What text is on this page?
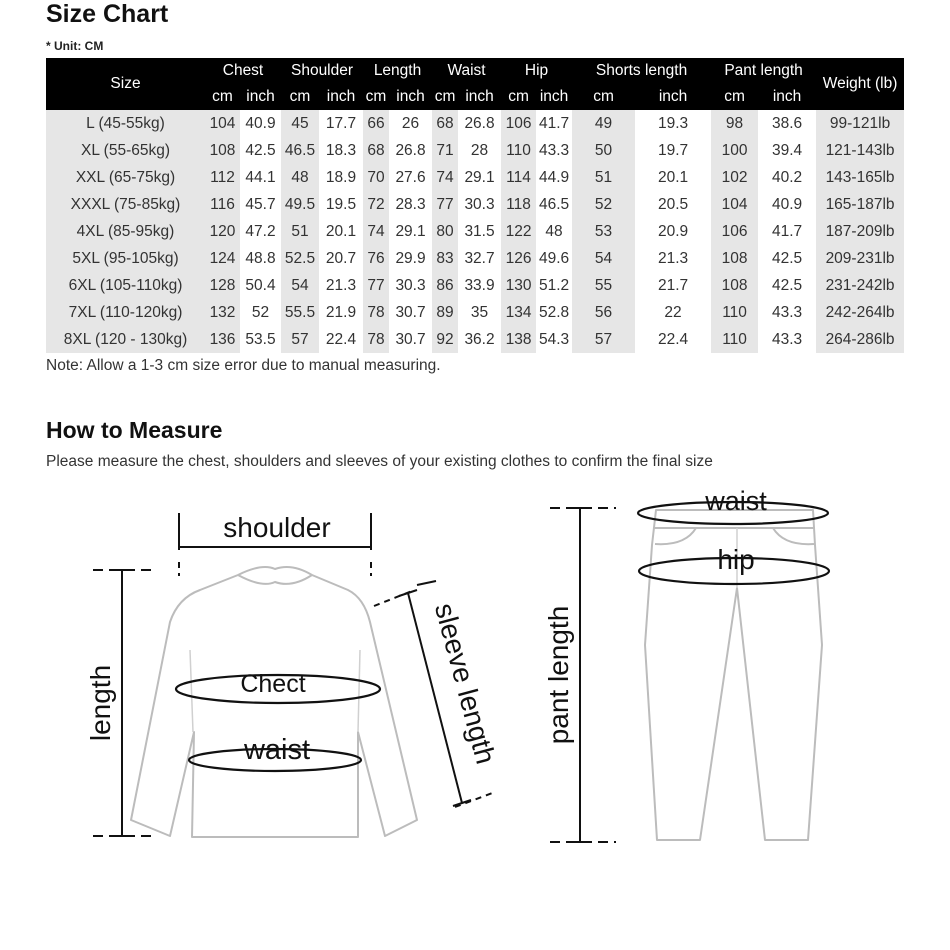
Size Chart
* Unit: CM
Size	Chest		Shoulder		Length		Waist		Hip		Shorts length		Pant length		Weight (lb)
	cm	inch	cm	inch	cm	inch	cm	inch	cm	inch	cm	inch	cm	inch	
L (45-55kg)	104	40.9	45	17.7	66	26	68	26.8	106	41.7	49	19.3	98	38.6	99-121lb
XL (55-65kg)	108	42.5	46.5	18.3	68	26.8	71	28	110	43.3	50	19.7	100	39.4	121-143lb
XXL (65-75kg)	112	44.1	48	18.9	70	27.6	74	29.1	114	44.9	51	20.1	102	40.2	143-165lb
XXXL (75-85kg)	116	45.7	49.5	19.5	72	28.3	77	30.3	118	46.5	52	20.5	104	40.9	165-187lb
4XL (85-95kg)	120	47.2	51	20.1	74	29.1	80	31.5	122	48	53	20.9	106	41.7	187-209lb
5XL (95-105kg)	124	48.8	52.5	20.7	76	29.9	83	32.7	126	49.6	54	21.3	108	42.5	209-231lb
6XL (105-110kg)	128	50.4	54	21.3	77	30.3	86	33.9	130	51.2	55	21.7	108	42.5	231-242lb
7XL (110-120kg)	132	52	55.5	21.9	78	30.7	89	35	134	52.8	56	22	110	43.3	242-264lb
8XL (120 - 130kg)	136	53.5	57	22.4	78	30.7	92	36.2	138	54.3	57	22.4	110	43.3	264-286lb
Note: Allow a 1-3 cm size error due to manual measuring.
How to Measure
Please measure the chest, shoulders and sleeves of your existing clothes to confirm the final size
shoulder
length	Chect
waist	sleeve length
waist
hip
pant length
